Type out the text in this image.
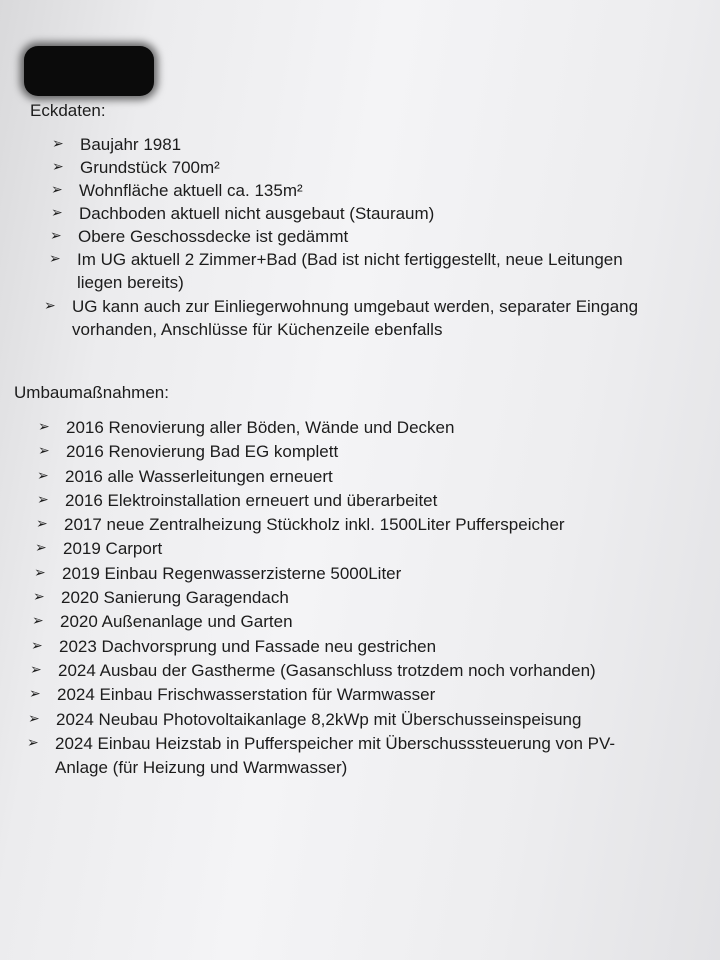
Eckdaten:
➢ Baujahr 1981
➢ Grundstück 700m²
➢ Wohnfläche aktuell ca. 135m²
➢ Dachboden aktuell nicht ausgebaut (Stauraum)
➢ Obere Geschossdecke ist gedämmt
➢ Im UG aktuell 2 Zimmer+Bad (Bad ist nicht fertiggestellt, neue Leitungen
liegen bereits)
➢ UG kann auch zur Einliegerwohnung umgebaut werden, separater Eingang
vorhanden, Anschlüsse für Küchenzeile ebenfalls
Umbaumaßnahmen:
➢ 2016 Renovierung aller Böden, Wände und Decken
➢ 2016 Renovierung Bad EG komplett
➢ 2016 alle Wasserleitungen erneuert
➢ 2016 Elektroinstallation erneuert und überarbeitet
➢ 2017 neue Zentralheizung Stückholz inkl. 1500Liter Pufferspeicher
➢ 2019 Carport
➢ 2019 Einbau Regenwasserzisterne 5000Liter
➢ 2020 Sanierung Garagendach
➢ 2020 Außenanlage und Garten
➢ 2023 Dachvorsprung und Fassade neu gestrichen
➢ 2024 Ausbau der Gastherme (Gasanschluss trotzdem noch vorhanden)
➢ 2024 Einbau Frischwasserstation für Warmwasser
➢ 2024 Neubau Photovoltaikanlage 8,2kWp mit Überschusseinspeisung
➢ 2024 Einbau Heizstab in Pufferspeicher mit Überschusssteuerung von PV-
Anlage (für Heizung und Warmwasser)
